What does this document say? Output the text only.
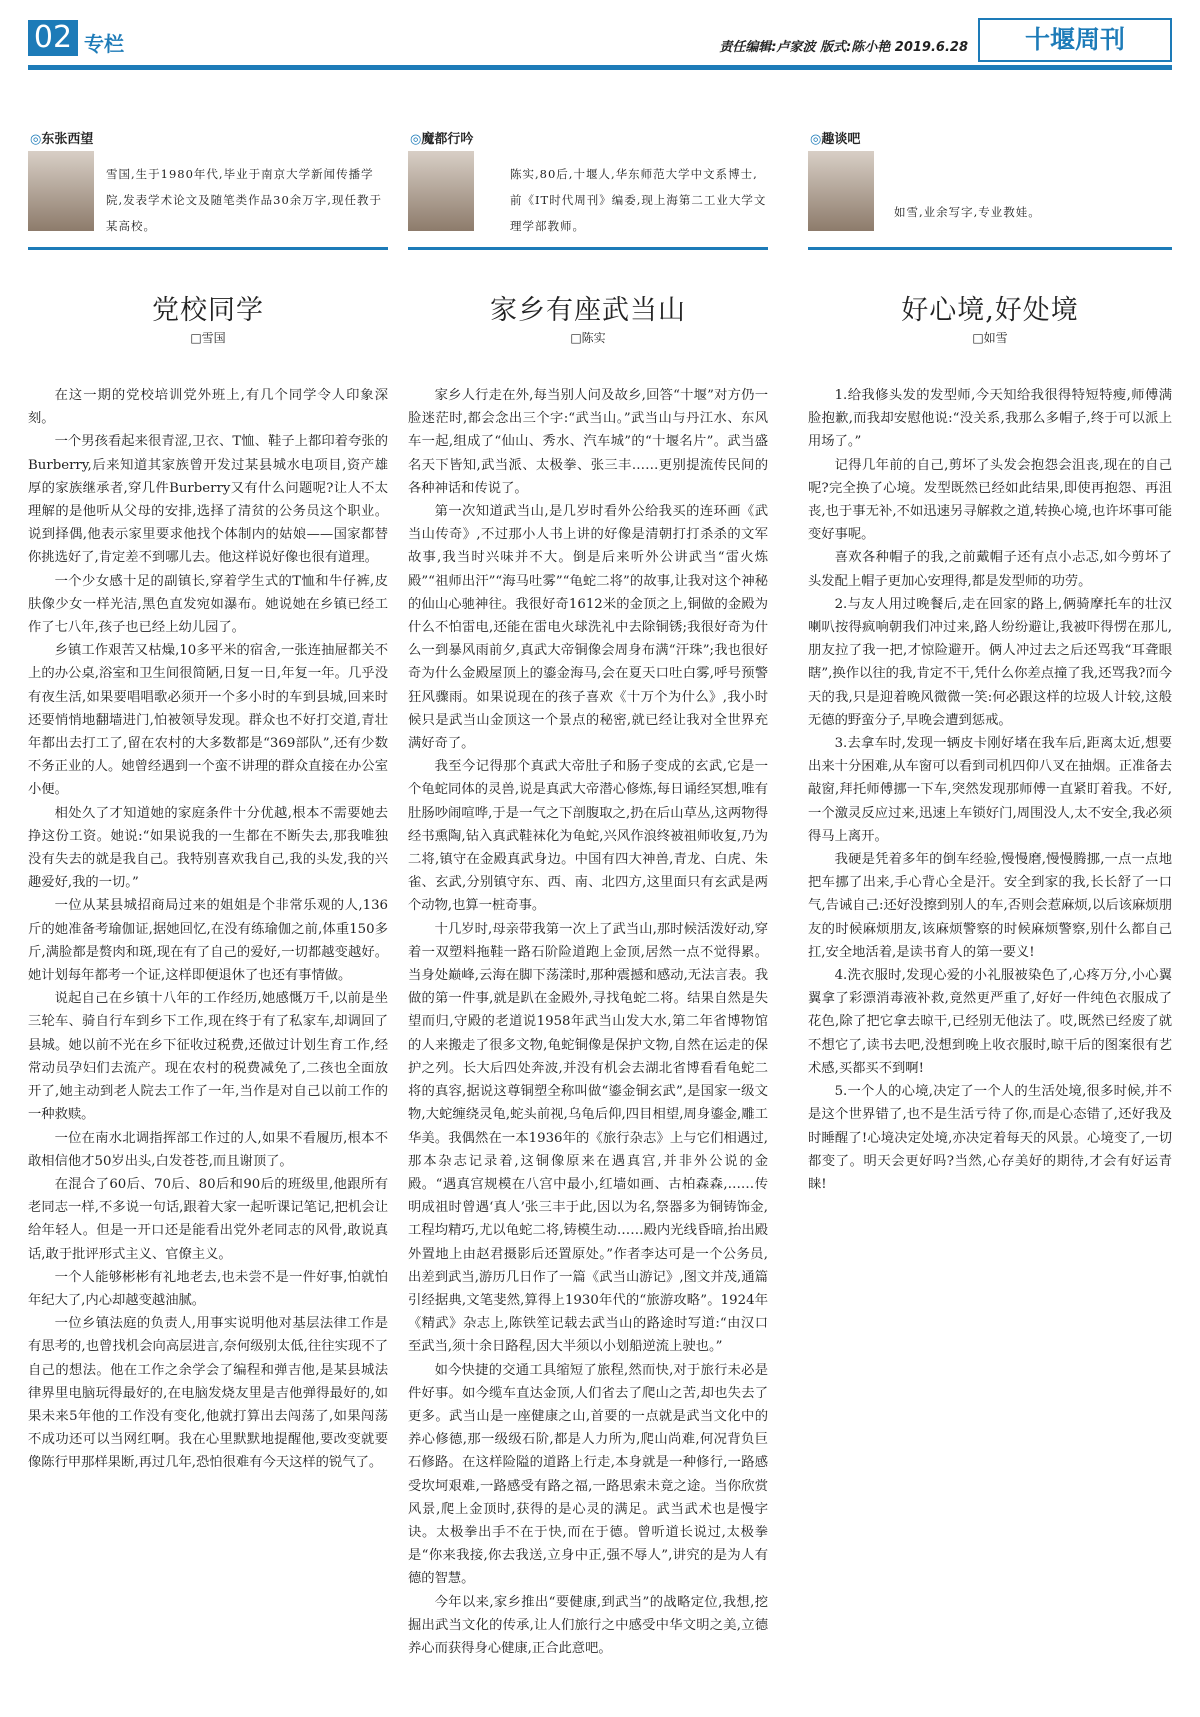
02 专栏	责任编辑:卢家波 版式:陈小艳 2019.6.28	十堰周刊
◎ 东张西望

雪国,生于1980年代,毕业于南京大学新闻传播学院,发表学术论文及随笔类作品30余万字,现任教于某高校。

党校同学
□ 雪国

在这一期的党校培训党外班上,有几个同学令人印象深刻。

一个男孩看起来很青涩,卫衣、T恤、鞋子上都印着夸张的Burberry,后来知道其家族曾开发过某县城水电项目,资产雄厚的家族继承者,穿几件Burberry又有什么问题呢?让人不太理解的是他听从父母的安排,选择了清贫的公务员这个职业。说到择偶,他表示家里要求他找个体制内的姑娘——国家都替你挑选好了,肯定差不到哪儿去。他这样说好像也很有道理。

一个少女感十足的副镇长,穿着学生式的T恤和牛仔裤,皮肤像少女一样光洁,黑色直发宛如瀑布。她说她在乡镇已经工作了七八年,孩子也已经上幼儿园了。

乡镇工作艰苦又枯燥,10多平米的宿舍,一张连抽屉都关不上的办公桌,浴室和卫生间很简陋,日复一日,年复一年。几乎没有夜生活,如果要唱唱歌必须开一个多小时的车到县城,回来时还要悄悄地翻墙进门,怕被领导发现。群众也不好打交道,青壮年都出去打工了,留在农村的大多数都是“369部队”,还有少数不务正业的人。她曾经遇到一个蛮不讲理的群众直接在办公室小便。

相处久了才知道她的家庭条件十分优越,根本不需要她去挣这份工资。她说:“如果说我的一生都在不断失去,那我唯独没有失去的就是我自己。我特别喜欢我自己,我的头发,我的兴趣爱好,我的一切。”

一位从某县城招商局过来的姐姐是个非常乐观的人,136斤的她准备考瑜伽证,据她回忆,在没有练瑜伽之前,体重150多斤,满脸都是赘肉和斑,现在有了自己的爱好,一切都越变越好。她计划每年都考一个证,这样即便退休了也还有事情做。

说起自己在乡镇十八年的工作经历,她感慨万千,以前是坐三轮车、骑自行车到乡下工作,现在终于有了私家车,却调回了县城。她以前不光在乡下征收过税费,还做过计划生育工作,经常动员孕妇们去流产。现在农村的税费减免了,二孩也全面放开了,她主动到老人院去工作了一年,当作是对自己以前工作的一种救赎。

一位在南水北调指挥部工作过的人,如果不看履历,根本不敢相信他才50岁出头,白发苍苍,而且谢顶了。

在混合了60后、70后、80后和90后的班级里,他跟所有老同志一样,不多说一句话,跟着大家一起听课记笔记,把机会让给年轻人。但是一开口还是能看出党外老同志的风骨,敢说真话,敢于批评形式主义、官僚主义。

一个人能够彬彬有礼地老去,也未尝不是一件好事,怕就怕年纪大了,内心却越变越油腻。

一位乡镇法庭的负责人,用事实说明他对基层法律工作是有思考的,也曾找机会向高层进言,奈何级别太低,往往实现不了自己的想法。他在工作之余学会了编程和弹吉他,是某县城法律界里电脑玩得最好的,在电脑发烧友里是吉他弹得最好的,如果未来5年他的工作没有变化,他就打算出去闯荡了,如果闯荡不成功还可以当网红啊。我在心里默默地提醒他,要改变就要像陈行甲那样果断,再过几年,恐怕很难有今天这样的锐气了。

◎ 魔都行吟

陈实,80后,十堰人,华东师范大学中文系博士,前《IT时代周刊》编委,现上海第二工业大学文理学部教师。

家乡有座武当山
□ 陈实

家乡人行走在外,每当别人问及故乡,回答“十堰”对方仍一脸迷茫时,都会念出三个字:“武当山。”武当山与丹江水、东风车一起,组成了“仙山、秀水、汽车城”的“十堰名片”。武当盛名天下皆知,武当派、太极拳、张三丰……更别提流传民间的各种神话和传说了。

第一次知道武当山,是几岁时看外公给我买的连环画《武当山传奇》,不过那小人书上讲的好像是清朝打打杀杀的文军故事,我当时兴味并不大。倒是后来听外公讲武当“雷火炼殿”“祖师出汗”“海马吐雾”“龟蛇二将”的故事,让我对这个神秘的仙山心驰神往。我很好奇1612米的金顶之上,铜做的金殿为什么不怕雷电,还能在雷电火球洗礼中去除铜锈;我很好奇为什么一到暴风雨前夕,真武大帝铜像会周身布满“汗珠”;我也很好奇为什么金殿屋顶上的鎏金海马,会在夏天口吐白雾,呼号预警狂风骤雨。如果说现在的孩子喜欢《十万个为什么》,我小时候只是武当山金顶这一个景点的秘密,就已经让我对全世界充满好奇了。

我至今记得那个真武大帝肚子和肠子变成的玄武,它是一个龟蛇同体的灵兽,说是真武大帝潜心修炼,每日诵经冥想,唯有肚肠吵闹喧哗,于是一气之下剖腹取之,扔在后山草丛,这两物得经书熏陶,钻入真武鞋袜化为龟蛇,兴风作浪终被祖师收复,乃为二将,镇守在金殿真武身边。中国有四大神兽,青龙、白虎、朱雀、玄武,分别镇守东、西、南、北四方,这里面只有玄武是两个动物,也算一桩奇事。

十几岁时,母亲带我第一次上了武当山,那时候活泼好动,穿着一双塑料拖鞋一路石阶险道跑上金顶,居然一点不觉得累。当身处巅峰,云海在脚下荡漾时,那种震撼和感动,无法言表。我做的第一件事,就是趴在金殿外,寻找龟蛇二将。结果自然是失望而归,守殿的老道说1958年武当山发大水,第二年省博物馆的人来搬走了很多文物,龟蛇铜像是保护文物,自然在运走的保护之列。长大后四处奔波,并没有机会去湖北省博看看龟蛇二将的真容,据说这尊铜塑全称叫做“鎏金铜玄武”,是国家一级文物,大蛇缠绕灵龟,蛇头前视,乌龟后仰,四目相望,周身鎏金,雕工华美。我偶然在一本1936年的《旅行杂志》上与它们相遇过,那本杂志记录着,这铜像原来在遇真宫,并非外公说的金殿。“遇真宫规模在八宫中最小,红墙如画、古柏森森,……传明成祖时曾遇‘真人’张三丰于此,因以为名,祭器多为铜铸饰金,工程均精巧,尤以龟蛇二将,铸模生动……殿内光线昏暗,抬出殿外置地上由赵君摄影后还置原处。”作者李达可是一个公务员,出差到武当,游历几日作了一篇《武当山游记》,图文并茂,通篇引经据典,文笔斐然,算得上1930年代的“旅游攻略”。1924年《精武》杂志上,陈铁笙记载去武当山的路途时写道:“由汉口至武当,须十余日路程,因大半须以小划船逆流上驶也。”

如今快捷的交通工具缩短了旅程,然而快,对于旅行未必是件好事。如今缆车直达金顶,人们省去了爬山之苦,却也失去了更多。武当山是一座健康之山,首要的一点就是武当文化中的养心修德,那一级级石阶,都是人力所为,爬山尚难,何况背负巨石修路。在这样险隘的道路上行走,本身就是一种修行,一路感受坎坷艰难,一路感受有路之福,一路思索未竟之途。当你欣赏风景,爬上金顶时,获得的是心灵的满足。武当武术也是慢字诀。太极拳出手不在于快,而在于德。曾听道长说过,太极拳是“你来我接,你去我送,立身中正,强不辱人”,讲究的是为人有德的智慧。

今年以来,家乡推出“要健康,到武当”的战略定位,我想,挖掘出武当文化的传承,让人们旅行之中感受中华文明之美,立德养心而获得身心健康,正合此意吧。

◎ 趣谈吧

如雪,业余写字,专业教娃。

好心境,好处境
□ 如雪

1.给我修头发的发型师,今天知给我很得特短特瘦,师傅满脸抱歉,而我却安慰他说:“没关系,我那么多帽子,终于可以派上用场了。”

记得几年前的自己,剪坏了头发会抱怨会沮丧,现在的自己呢?完全换了心境。发型既然已经如此结果,即使再抱怨、再沮丧,也于事无补,不如迅速另寻解救之道,转换心境,也许坏事可能变好事呢。

喜欢各种帽子的我,之前戴帽子还有点小忐忑,如今剪坏了头发配上帽子更加心安理得,都是发型师的功劳。

2.与友人用过晚餐后,走在回家的路上,俩骑摩托车的壮汉喇叭按得疯响朝我们冲过来,路人纷纷避让,我被吓得愣在那儿,朋友拉了我一把,才惊险避开。俩人冲过去之后还骂我“耳聋眼瞎”,换作以往的我,肯定不干,凭什么你差点撞了我,还骂我?而今天的我,只是迎着晚风微微一笑:何必跟这样的垃圾人计较,这般无德的野蛮分子,早晚会遭到惩戒。

3.去拿车时,发现一辆皮卡刚好堵在我车后,距离太近,想要出来十分困难,从车窗可以看到司机四仰八叉在抽烟。正准备去敲窗,拜托师傅挪一下车,突然发现那师傅一直紧盯着我。不好,一个激灵反应过来,迅速上车锁好门,周围没人,太不安全,我必须得马上离开。

我硬是凭着多年的倒车经验,慢慢磨,慢慢腾挪,一点一点地把车挪了出来,手心背心全是汗。安全到家的我,长长舒了一口气,告诫自己:还好没擦到别人的车,否则会惹麻烦,以后该麻烦朋友的时候麻烦朋友,该麻烦警察的时候麻烦警察,别什么都自己扛,安全地活着,是读书育人的第一要义!

4.洗衣服时,发现心爱的小礼服被染色了,心疼万分,小心翼翼拿了彩漂消毒液补救,竟然更严重了,好好一件纯色衣服成了花色,除了把它拿去晾干,已经别无他法了。哎,既然已经废了就不想它了,读书去吧,没想到晚上收衣服时,晾干后的图案很有艺术感,买都买不到啊!

5.一个人的心境,决定了一个人的生活处境,很多时候,并不是这个世界错了,也不是生活亏待了你,而是心态错了,还好我及时睡醒了!心境决定处境,亦决定着每天的风景。心境变了,一切都变了。明天会更好吗?当然,心存美好的期待,才会有好运青睐!
